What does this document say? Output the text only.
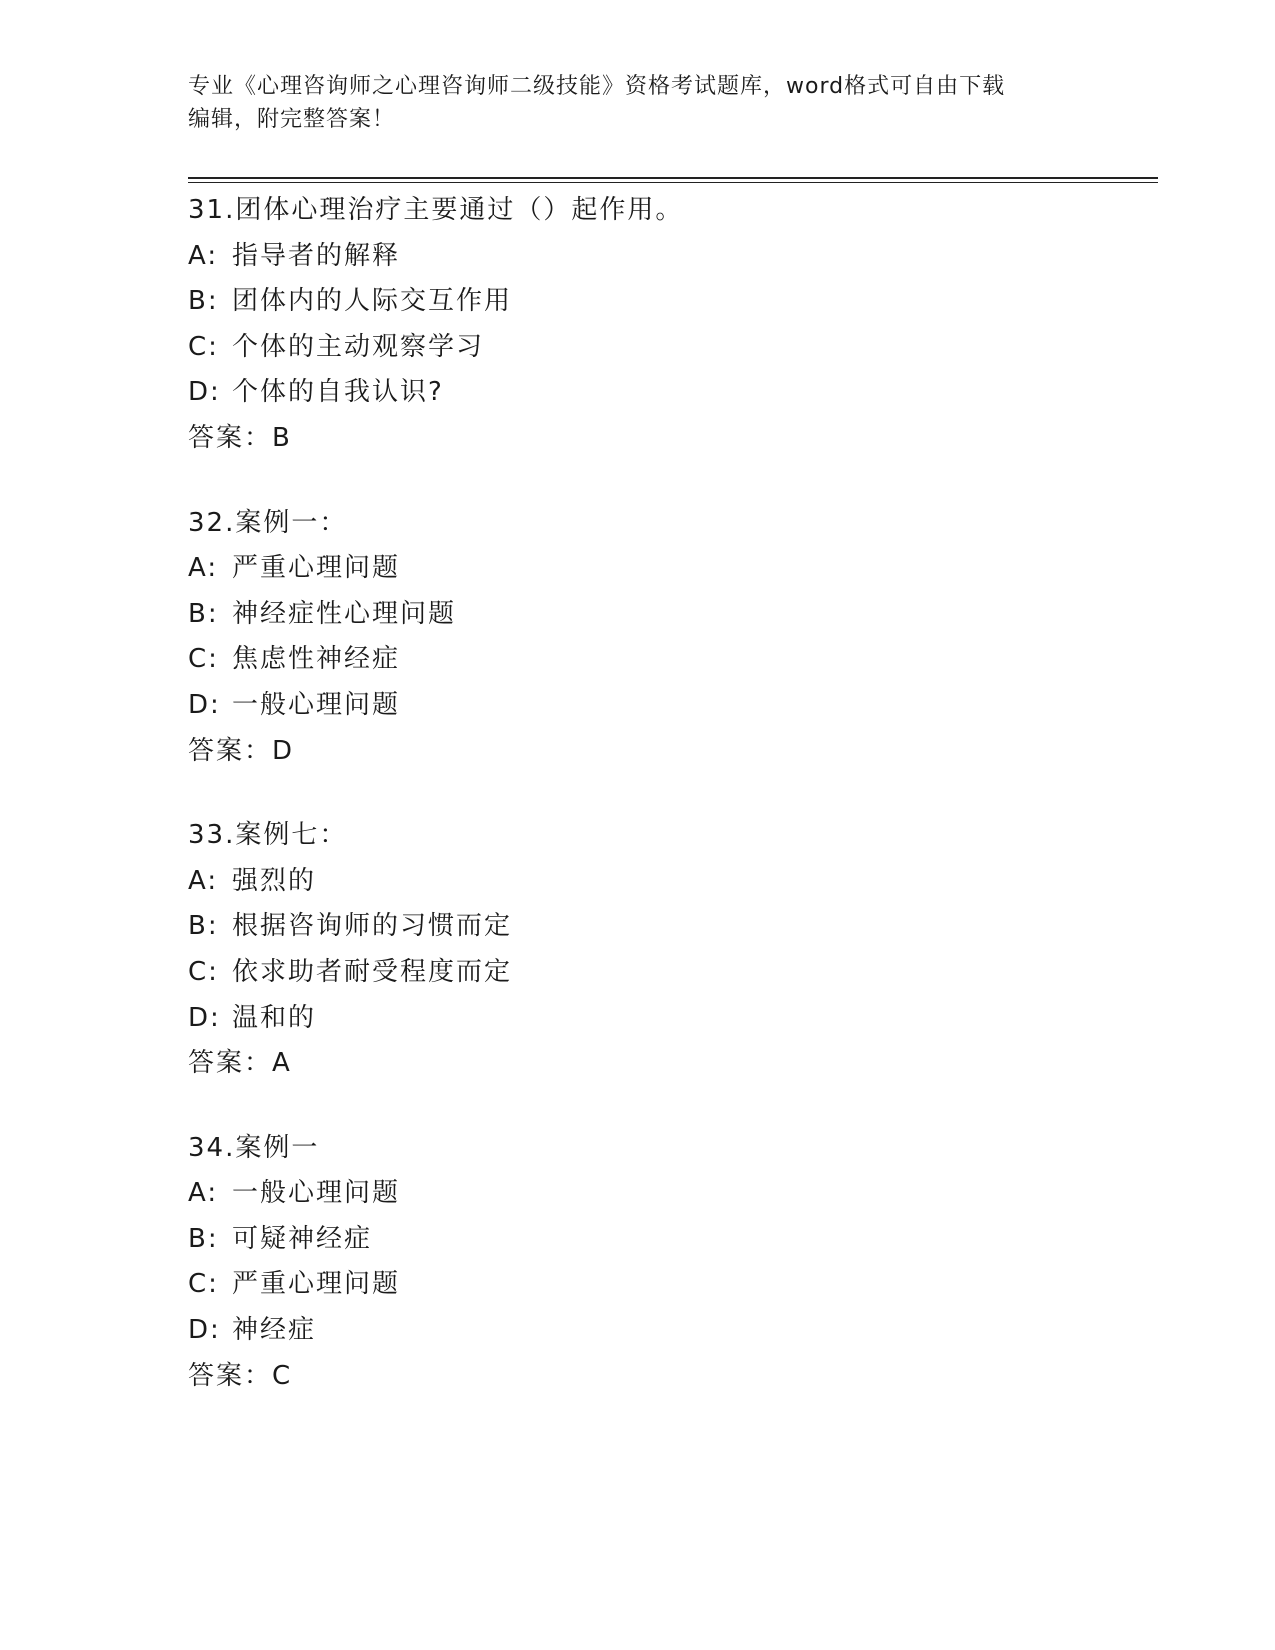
专业《心理咨询师之心理咨询师二级技能》资格考试题库，word格式可自由下载
编辑，附完整答案！
31.团体心理治疗主要通过（）起作用。
A: 指导者的解释
B: 团体内的人际交互作用
C: 个体的主动观察学习
D: 个体的自我认识?
答案：B
32.案例一：
A: 严重心理问题
B: 神经症性心理问题
C: 焦虑性神经症
D: 一般心理问题
答案：D
33.案例七：
A: 强烈的
B: 根据咨询师的习惯而定
C: 依求助者耐受程度而定
D: 温和的
答案：A
34.案例一
A: 一般心理问题
B: 可疑神经症
C: 严重心理问题
D: 神经症
答案：C
